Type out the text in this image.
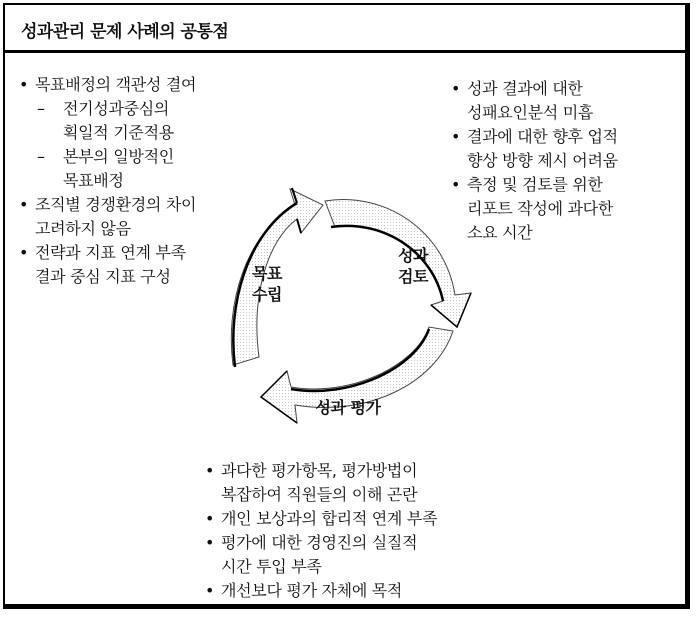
성과관리 문제 사례의 공통점
• 목표배정의 객관성 결여
– 전기성과중심의
획일적 기준적용
– 본부의 일방적인
목표배정
• 조직별 경쟁환경의 차이
고려하지 않음
• 전략과 지표 연계 부족
결과 중심 지표 구성
• 성과 결과에 대한
성패요인분석 미흡
• 결과에 대한 향후 업적
향상 방향 제시 어려움
• 측정 및 검토를 위한
리포트 작성에 과다한
소요 시간
목표
수립
성과
검토
성과 평가
• 과다한 평가항목, 평가방법이
복잡하여 직원들의 이해 곤란
• 개인 보상과의 합리적 연계 부족
• 평가에 대한 경영진의 실질적
시간 투입 부족
• 개선보다 평가 자체에 목적
